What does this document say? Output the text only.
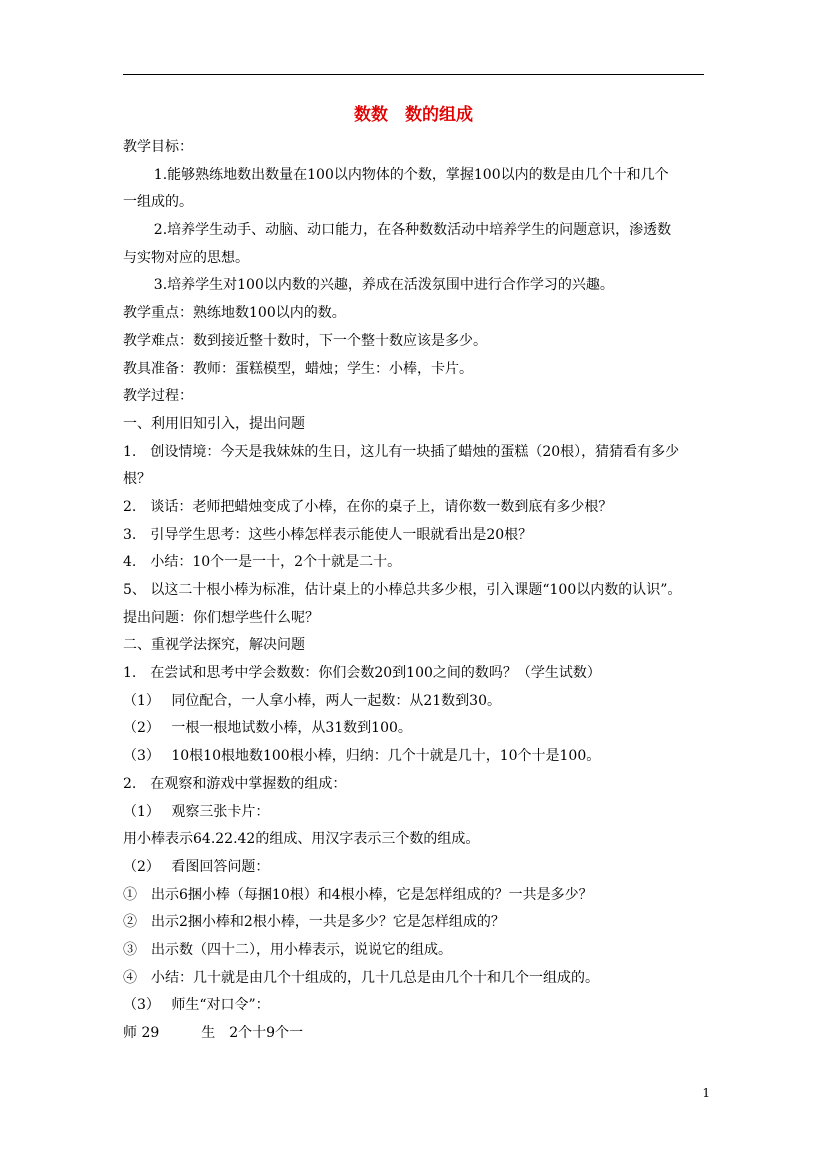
数数　数的组成
教学目标：
1.能够熟练地数出数量在100以内物体的个数，掌握100以内的数是由几个十和几个
一组成的。
2.培养学生动手、动脑、动口能力，在各种数数活动中培养学生的问题意识，渗透数
与实物对应的思想。
3.培养学生对100以内数的兴趣，养成在活泼氛围中进行合作学习的兴趣。
教学重点：熟练地数100以内的数。
教学难点：数到接近整十数时，下一个整十数应该是多少。
教具准备：教师：蛋糕模型，蜡烛；学生：小棒，卡片。
教学过程：
一、利用旧知引入，提出问题
1.　创设情境：今天是我妹妹的生日，这儿有一块插了蜡烛的蛋糕（20根），猜猜看有多少
根？
2.　谈话：老师把蜡烛变成了小棒，在你的桌子上，请你数一数到底有多少根？
3.　引导学生思考：这些小棒怎样表示能使人一眼就看出是20根？
4.　小结：10个一是一十，2个十就是二十。
5、 以这二十根小棒为标准，估计桌上的小棒总共多少根，引入课题“100以内数的认识”。
提出问题：你们想学些什么呢？
二、重视学法探究，解决问题
1.　在尝试和思考中学会数数：你们会数20到100之间的数吗？（学生试数）
（1）　 同位配合，一人拿小棒，两人一起数：从21数到30。
（2）　 一根一根地试数小棒，从31数到100。
（3）　 10根10根地数100根小棒，归纳：几个十就是几十，10个十是100。
2.　在观察和游戏中掌握数的组成：
（1）　 观察三张卡片：
用小棒表示64.22.42的组成、用汉字表示三个数的组成。
（2）　 看图回答问题：
①　出示6捆小棒（每捆10根）和4根小棒，它是怎样组成的？一共是多少？
②　出示2捆小棒和2根小棒，一共是多少？它是怎样组成的？
③　出示数（四十二），用小棒表示，说说它的组成。
④　小结：几十就是由几个十组成的，几十几总是由几个十和几个一组成的。
（3）　 师生“对口令”：
师 29　　　生　2个十9个一
1
